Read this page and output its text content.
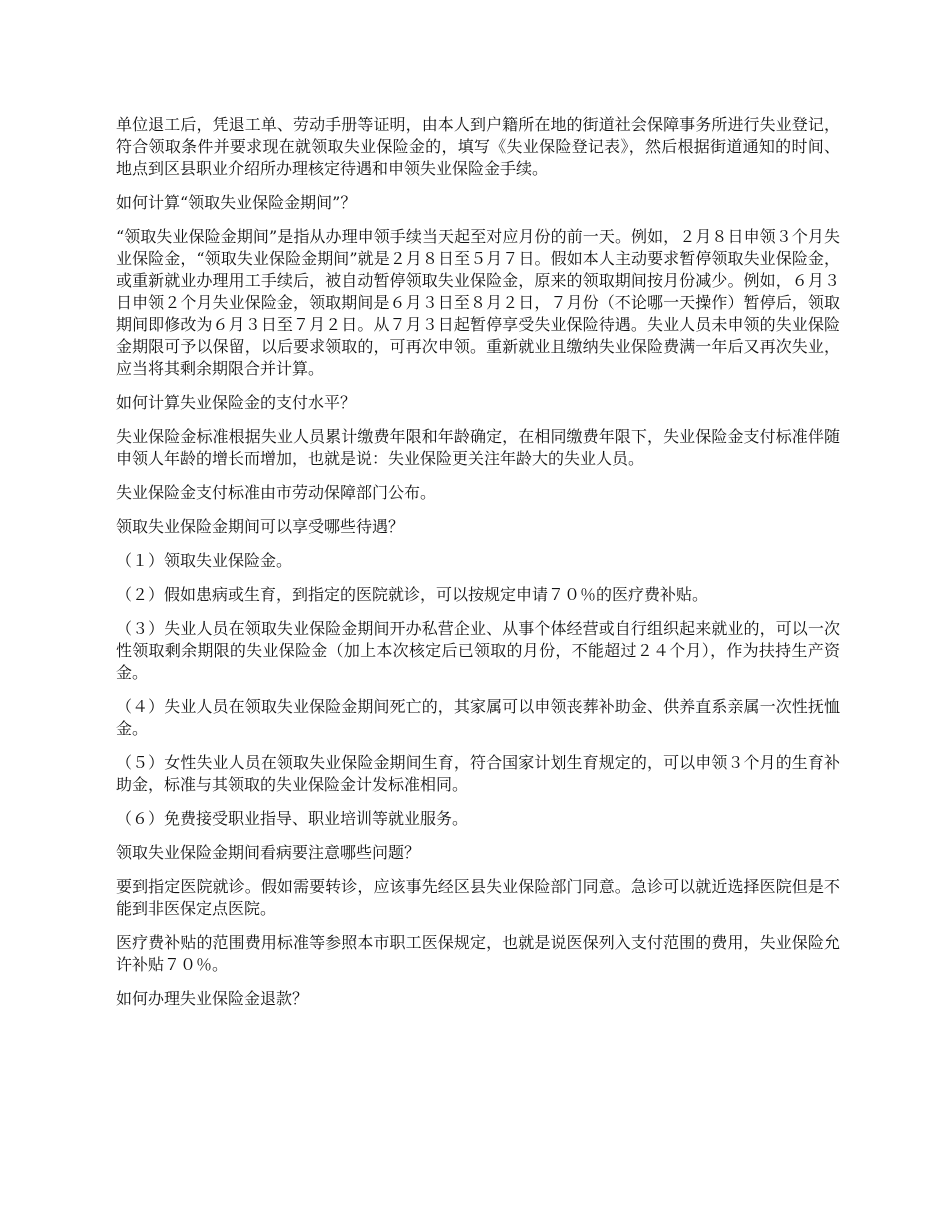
单位退工后，凭退工单、劳动手册等证明，由本人到户籍所在地的街道社会保障事务所进行失业登记，符合领取条件并要求现在就领取失业保险金的，填写《失业保险登记表》，然后根据街道通知的时间、地点到区县职业介绍所办理核定待遇和申领失业保险金手续。

如何计算“领取失业保险金期间”？

“领取失业保险金期间”是指从办理申领手续当天起至对应月份的前一天。例如，２月８日申领３个月失业保险金，“领取失业保险金期间”就是２月８日至５月７日。假如本人主动要求暂停领取失业保险金，或重新就业办理用工手续后，被自动暂停领取失业保险金，原来的领取期间按月份减少。例如，６月３日申领２个月失业保险金，领取期间是６月３日至８月２日，７月份（不论哪一天操作）暂停后，领取期间即修改为６月３日至７月２日。从７月３日起暂停享受失业保险待遇。失业人员未申领的失业保险金期限可予以保留，以后要求领取的，可再次申领。重新就业且缴纳失业保险费满一年后又再次失业，应当将其剩余期限合并计算。

如何计算失业保险金的支付水平？

失业保险金标准根据失业人员累计缴费年限和年龄确定，在相同缴费年限下，失业保险金支付标准伴随申领人年龄的增长而增加，也就是说：失业保险更关注年龄大的失业人员。

失业保险金支付标准由市劳动保障部门公布。

领取失业保险金期间可以享受哪些待遇？

（１）领取失业保险金。

（２）假如患病或生育，到指定的医院就诊，可以按规定申请７０％的医疗费补贴。

（３）失业人员在领取失业保险金期间开办私营企业、从事个体经营或自行组织起来就业的，可以一次性领取剩余期限的失业保险金（加上本次核定后已领取的月份，不能超过２４个月），作为扶持生产资金。

（４）失业人员在领取失业保险金期间死亡的，其家属可以申领丧葬补助金、供养直系亲属一次性抚恤金。

（５）女性失业人员在领取失业保险金期间生育，符合国家计划生育规定的，可以申领３个月的生育补助金，标准与其领取的失业保险金计发标准相同。

（６）免费接受职业指导、职业培训等就业服务。

领取失业保险金期间看病要注意哪些问题？

要到指定医院就诊。假如需要转诊，应该事先经区县失业保险部门同意。急诊可以就近选择医院但是不能到非医保定点医院。

医疗费补贴的范围费用标准等参照本市职工医保规定，也就是说医保列入支付范围的费用，失业保险允许补贴７０％。

如何办理失业保险金退款？
